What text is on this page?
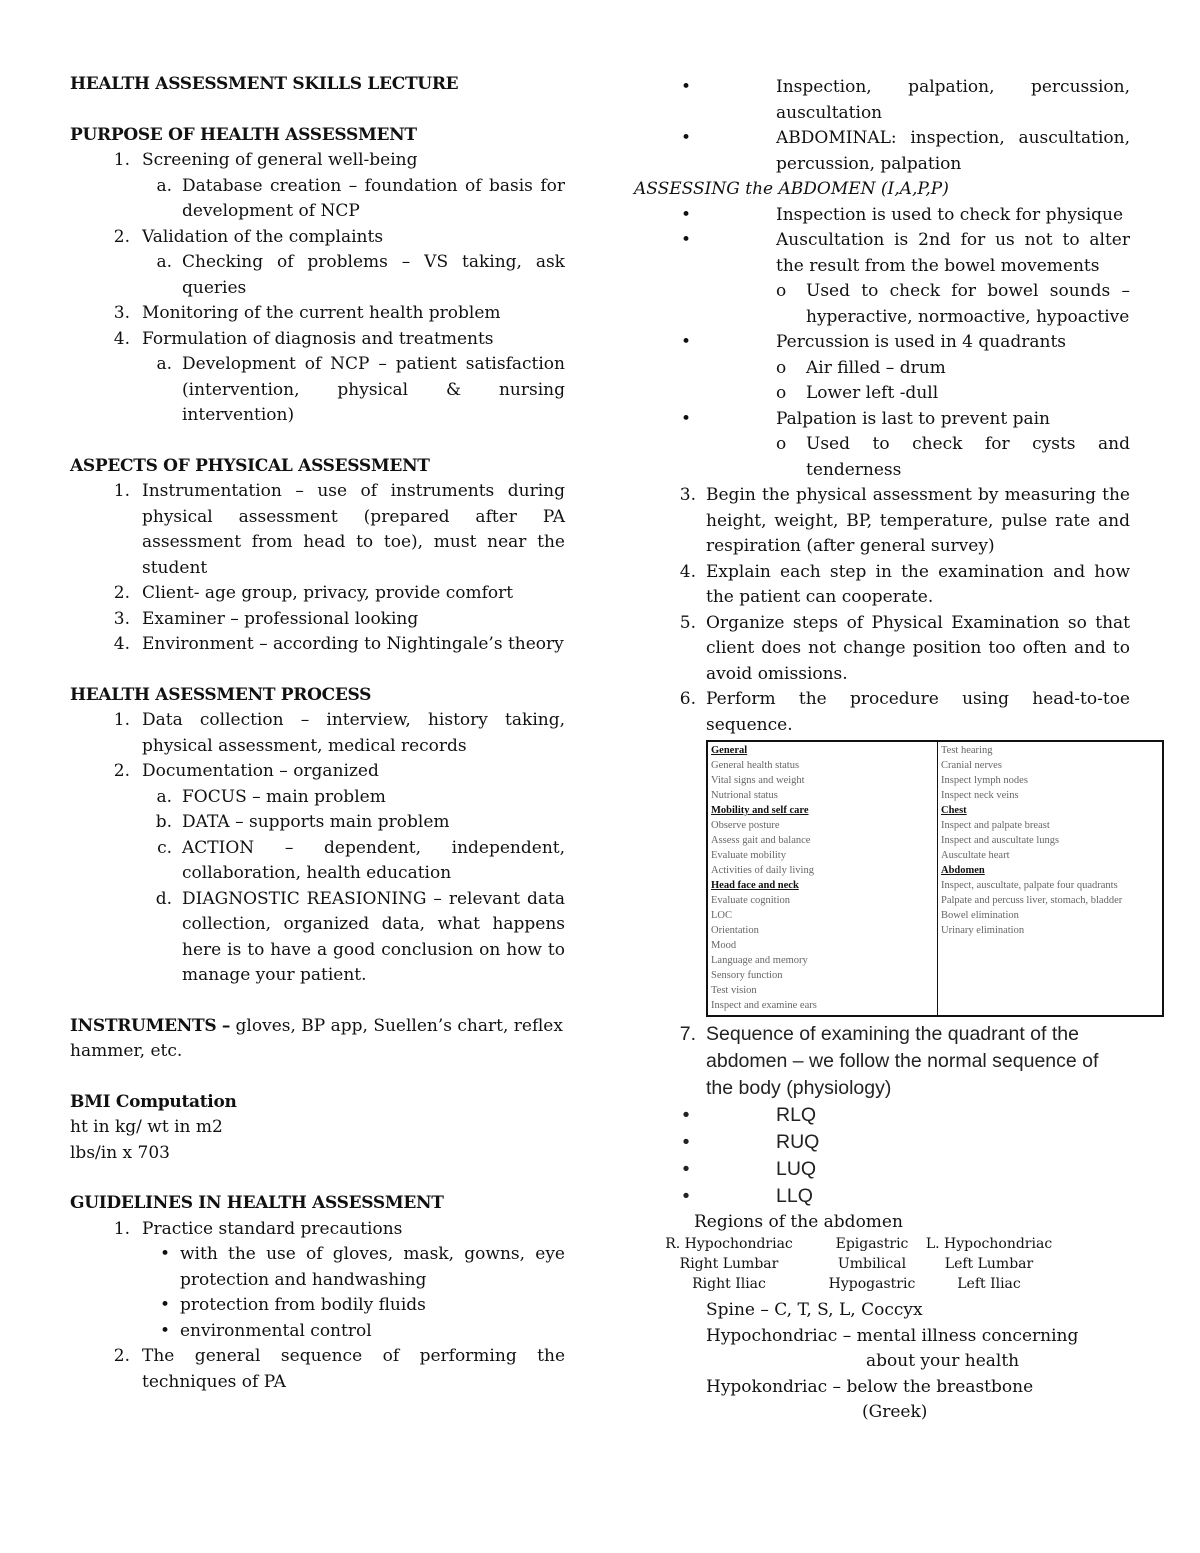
HEALTH ASSESSMENT SKILLS LECTURE

PURPOSE OF HEALTH ASSESSMENT

1. Screening of general well-being
a. Database creation – foundation of basis for development of NCP
2. Validation of the complaints
a. Checking of problems – VS taking, ask queries
3. Monitoring of the current health problem
4. Formulation of diagnosis and treatments
a. Development of NCP – patient satisfaction (intervention, physical & nursing intervention)

ASPECTS OF PHYSICAL ASSESSMENT

1. Instrumentation – use of instruments during physical assessment (prepared after PA assessment from head to toe), must near the student
2. Client- age group, privacy, provide comfort
3. Examiner – professional looking
4. Environment – according to Nightingale’s theory

HEALTH ASESSMENT PROCESS

1. Data collection – interview, history taking, physical assessment, medical records
2. Documentation – organized
a. FOCUS – main problem
b. DATA – supports main problem
c. ACTION – dependent, independent, collaboration, health education
d. DIAGNOSTIC REASIONING – relevant data collection, organized data, what happens here is to have a good conclusion on how to manage your patient.
INSTRUMENTS – gloves, BP app, Suellen’s chart, reflex hammer, etc.

BMI Computation

ht in kg/ wt in m2
lbs/in x 703

GUIDELINES IN HEALTH ASSESSMENT

1. Practice standard precautions
• with the use of gloves, mask, gowns, eye protection and handwashing
• protection from bodily fluids
• environmental control
2. The general sequence of performing the techniques of PA
•	Inspection, palpation, percussion, auscultation
•	ABDOMINAL: inspection, auscultation, percussion, palpation
ASSESSING the ABDOMEN (I,A,P,P)
•	Inspection is used to check for physique
•	Auscultation is 2nd for us not to alter the result from the bowel movements
o	Used to check for bowel sounds – hyperactive, normoactive, hypoactive
•	Percussion is used in 4 quadrants
o	Air filled – drum
o	Lower left -dull
•	Palpation is last to prevent pain
o	Used to check for cysts and tenderness
3. Begin the physical assessment by measuring the height, weight, BP, temperature, pulse rate and respiration (after general survey)
4. Explain each step in the examination and how the patient can cooperate.
5. Organize steps of Physical Examination so that client does not change position too often and to avoid omissions.
6. Perform the procedure using head-to-toe sequence.
General
General health status
Vital signs and weight
Nutrional status
Mobility and self care
Observe posture
Assess gait and balance
Evaluate mobility
Activities of daily living
Head face and neck
Evaluate cognition
LOC
Orientation
Mood
Language and memory
Sensory function
Test vision
Inspect and examine ears

Test hearing
Cranial nerves
Inspect lymph nodes
Inspect neck veins
Chest
Inspect and palpate breast
Inspect and auscultate lungs
Auscultate heart
Abdomen
Inspect, auscultate, palpate four quadrants
Palpate and percuss liver, stomach, bladder
Bowel elimination
Urinary elimination
7. Sequence of examining the quadrant of the abdomen – we follow the normal sequence of the body (physiology)
•	RLQ
•	RUQ
•	LUQ
•	LLQ
Regions of the abdomen
R. Hypochondriac	Epigastric	L. Hypochondriac
Right Lumbar	Umbilical	Left Lumbar
Right Iliac	Hypogastric	Left Iliac
Spine – C, T, S, L, Coccyx
Hypochondriac – mental illness concerning
about your health
Hypokondriac – below the breastbone
(Greek)
